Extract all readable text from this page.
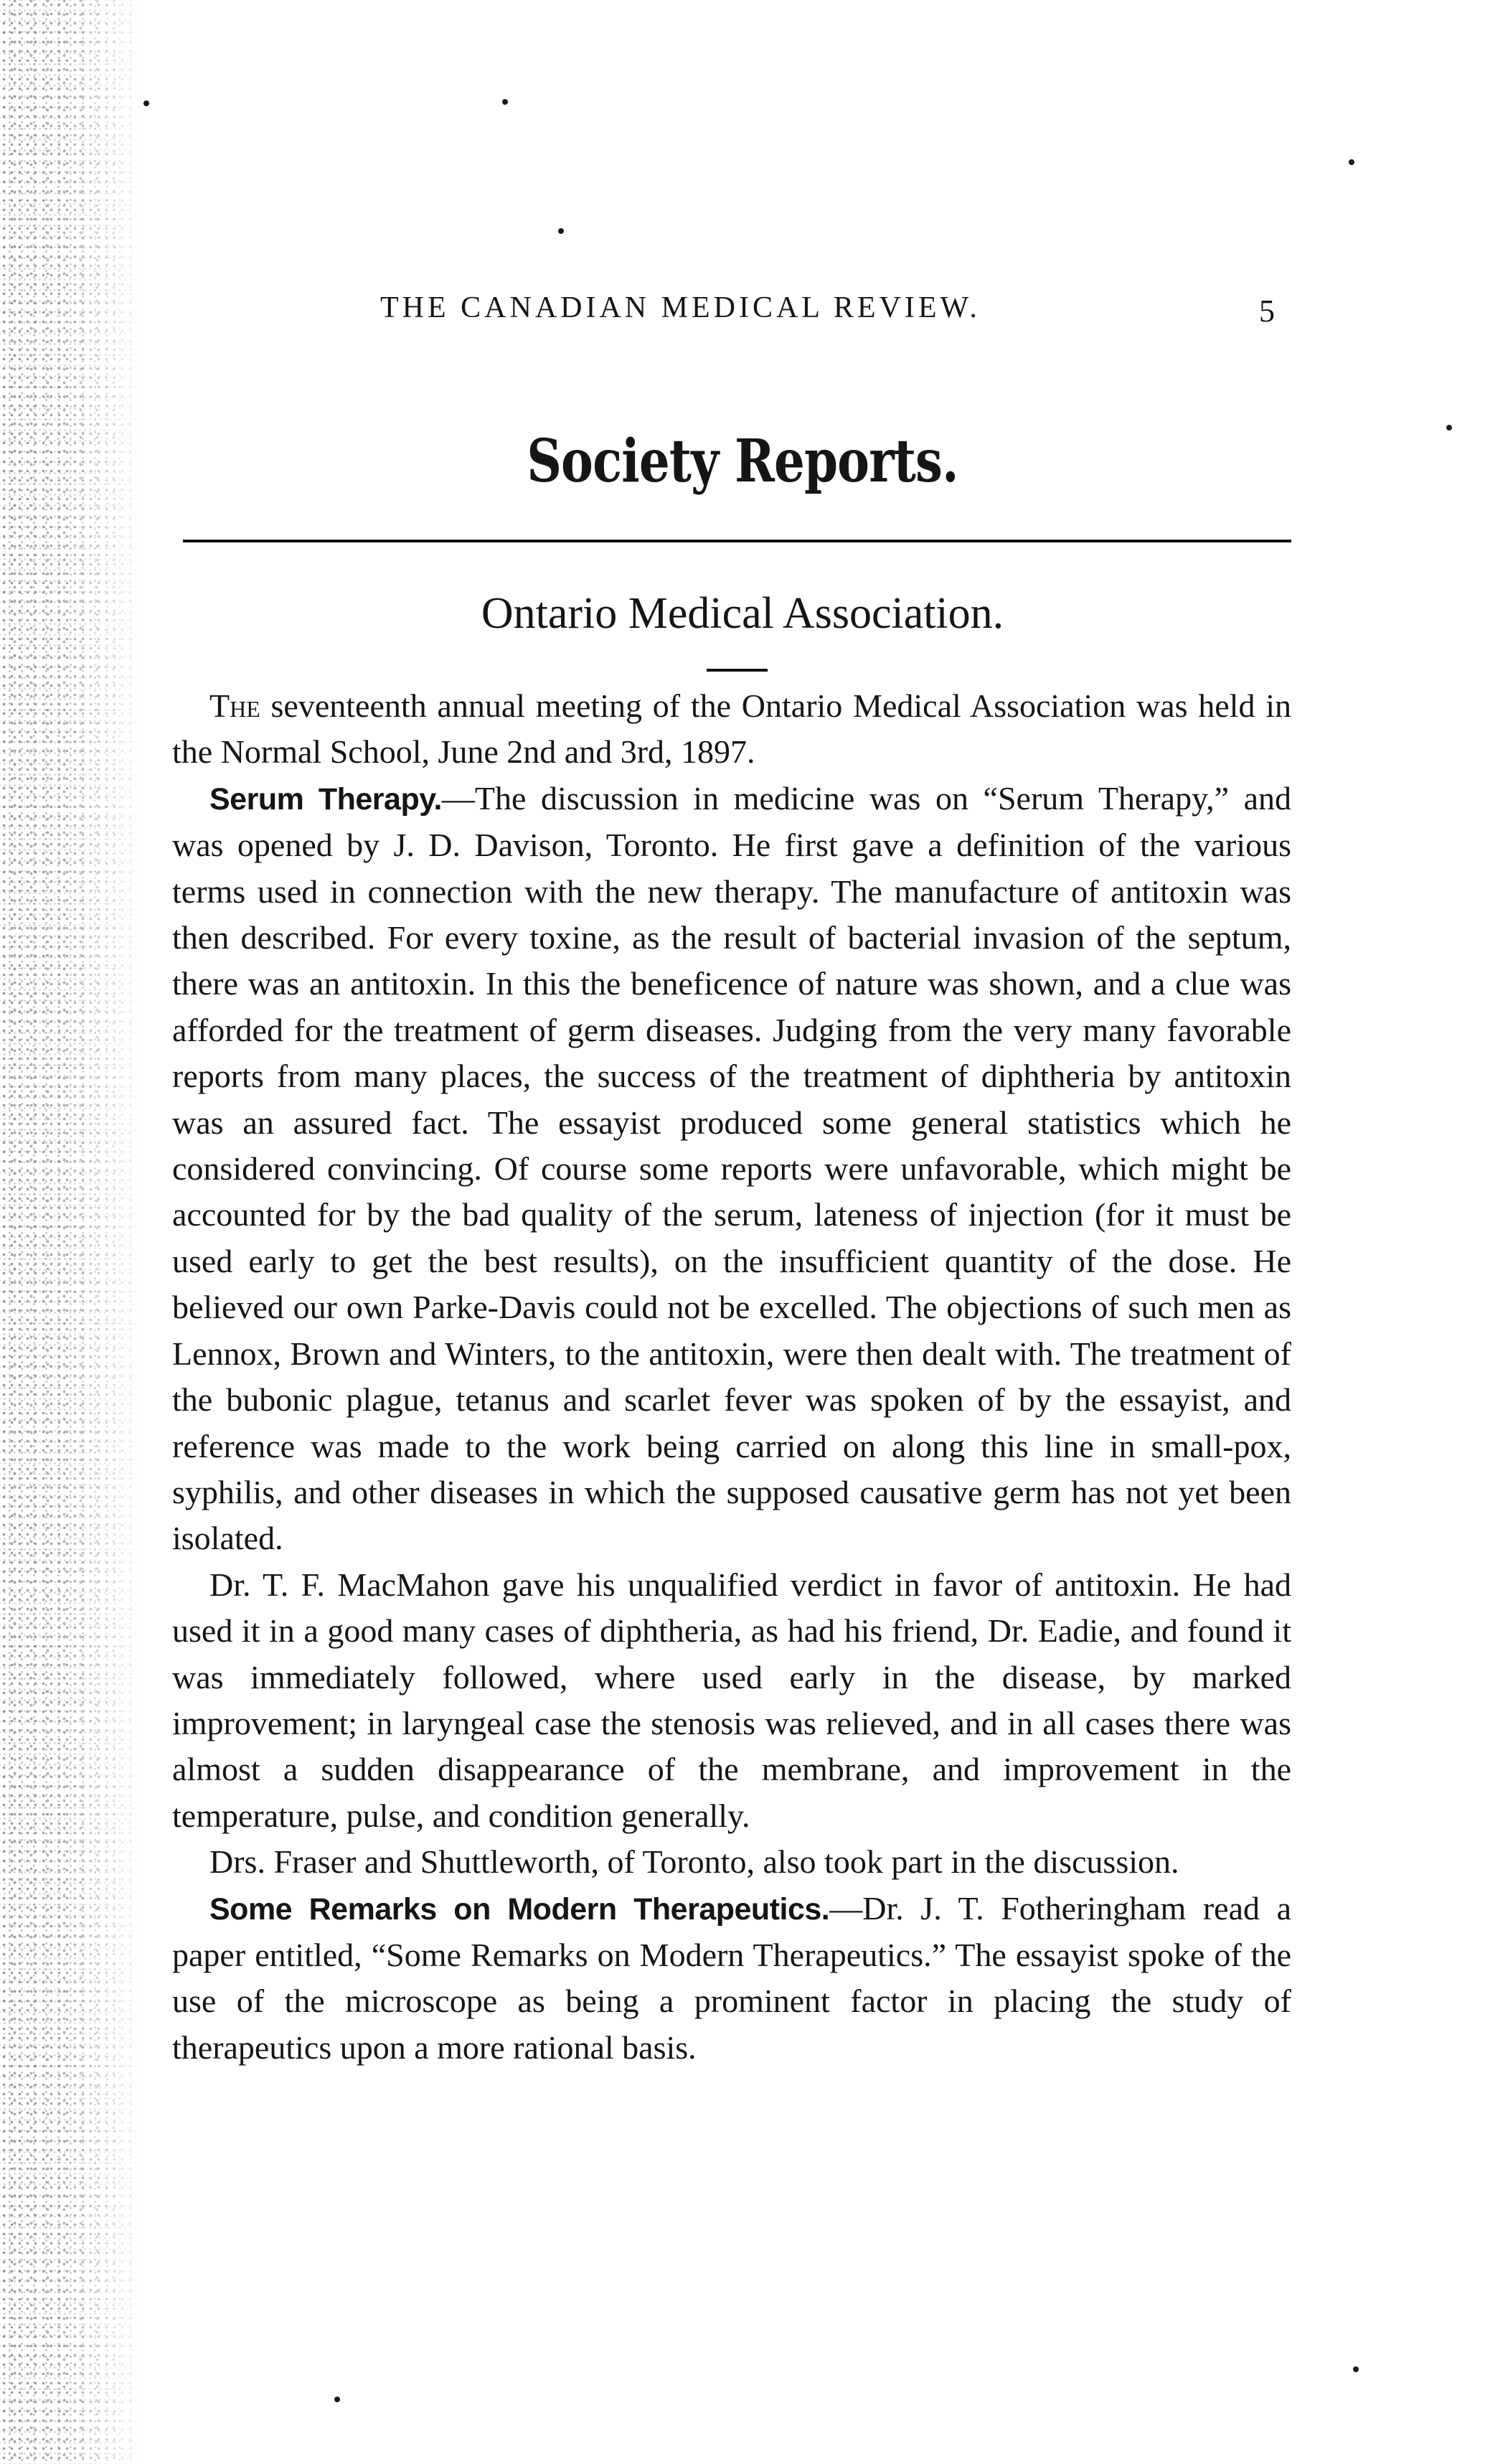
THE CANADIAN MEDICAL REVIEW.	5
Society Reports.
Ontario Medical Association.

The seventeenth annual meeting of the Ontario Medical Association was held in the Normal School, June 2nd and 3rd, 1897.

Serum Therapy.—The discussion in medicine was on “Serum Therapy,” and was opened by J. D. Davison, Toronto. He first gave a definition of the various terms used in connection with the new therapy. The manufacture of antitoxin was then described. For every toxine, as the result of bacterial invasion of the septum, there was an antitoxin. In this the beneficence of nature was shown, and a clue was afforded for the treatment of germ diseases. Judging from the very many favorable reports from many places, the success of the treatment of diphtheria by antitoxin was an assured fact. The essayist produced some general statistics which he considered convincing. Of course some reports were unfavorable, which might be accounted for by the bad quality of the serum, lateness of injection (for it must be used early to get the best results), on the insufficient quantity of the dose. He believed our own Parke-Davis could not be excelled. The objections of such men as Lennox, Brown and Winters, to the antitoxin, were then dealt with. The treatment of the bubonic plague, tetanus and scarlet fever was spoken of by the essayist, and reference was made to the work being carried on along this line in small-pox, syphilis, and other diseases in which the supposed causative germ has not yet been isolated.

Dr. T. F. MacMahon gave his unqualified verdict in favor of antitoxin. He had used it in a good many cases of diphtheria, as had his friend, Dr. Eadie, and found it was immediately followed, where used early in the disease, by marked improvement; in laryngeal case the stenosis was relieved, and in all cases there was almost a sudden disappearance of the membrane, and improvement in the temperature, pulse, and condition generally.

Drs. Fraser and Shuttleworth, of Toronto, also took part in the discussion.

Some Remarks on Modern Therapeutics.—Dr. J. T. Fotheringham read a paper entitled, “Some Remarks on Modern Therapeutics.” The essayist spoke of the use of the microscope as being a prominent factor in placing the study of therapeutics upon a more rational basis.
